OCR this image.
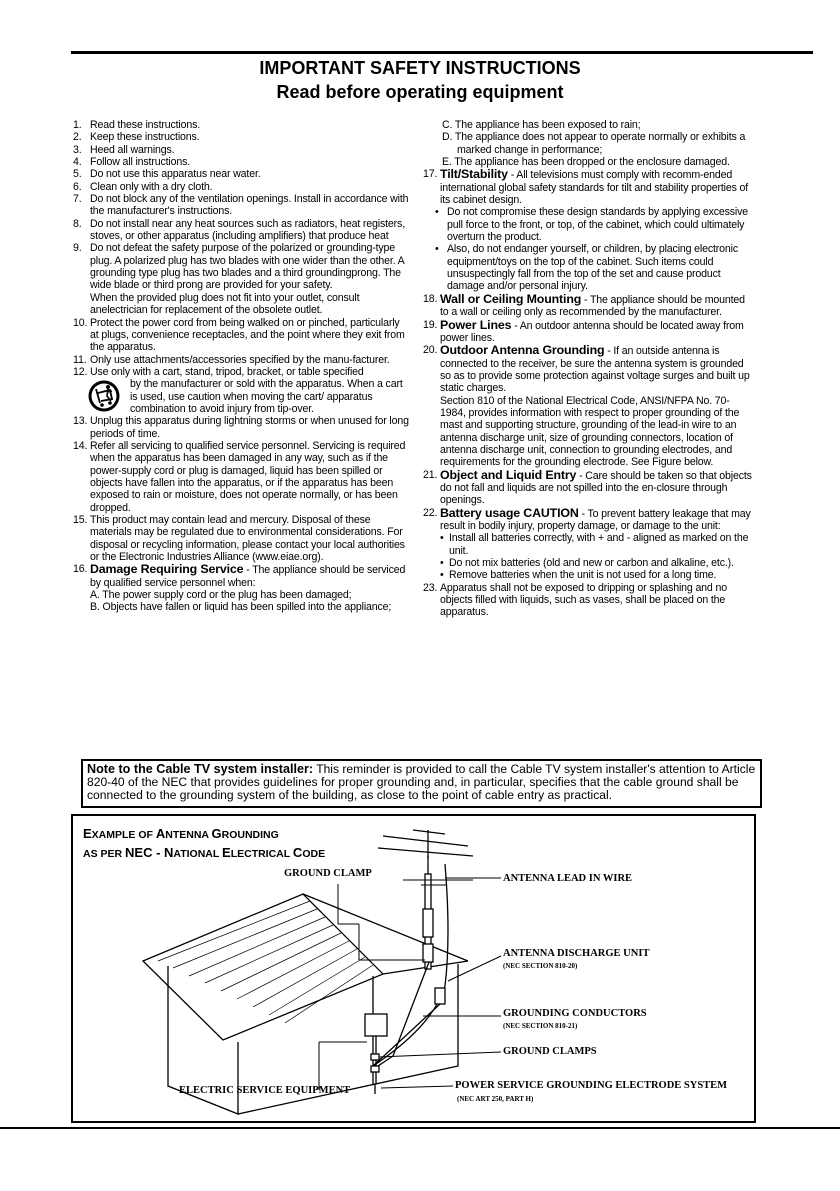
IMPORTANT SAFETY INSTRUCTIONS
Read before operating equipment
1. Read these instructions.
2. Keep these instructions.
3. Heed all warnings.
4. Follow all instructions.
5. Do not use this apparatus near water.
6. Clean only with a dry cloth.
7. Do not block any of the ventilation openings. Install in accordance with the manufacturer's instructions.
8. Do not install near any heat sources such as radiators, heat registers, stoves, or other apparatus (including amplifiers) that produce heat
9. Do not defeat the safety purpose of the polarized or grounding-type plug. A polarized plug has two blades with one wider than the other. A grounding type plug has two blades and a third groundingprong. The wide blade or third prong are provided for your safety.
When the provided plug does not fit into your outlet, consult anelectrician for replacement of the obsolete outlet.
10. Protect the power cord from being walked on or pinched, particularly at plugs, convenience receptacles, and the point where they exit from the apparatus.
11. Only use attachments/accessories specified by the manu-facturer.
12. Use only with a cart, stand, tripod, bracket, or table specified
by the manufacturer or sold with the apparatus. When a cart is used, use caution when moving the cart/ apparatus combination to avoid injury from tip-over.
13. Unplug this apparatus during lightning storms or when unused for long periods of time.
14. Refer all servicing to qualified service personnel. Servicing is required when the apparatus has been damaged in any way, such as if the power-supply cord or plug is damaged, liquid has been spilled or objects have fallen into the apparatus, or if the apparatus has been exposed to rain or moisture, does not operate normally, or has been dropped.
15. This product may contain lead and mercury. Disposal of these materials may be regulated due to environmental considerations. For disposal or recycling information, please contact your local authorities or the Electronic Industries Alliance (www.eiae.org).
16. Damage Requiring Service - The appliance should be serviced by qualified service personnel when:
A. The power supply cord or the plug has been damaged;
B. Objects have fallen or liquid has been spilled into the appliance;
C. The appliance has been exposed to rain;
D. The appliance does not appear to operate normally or exhibits a marked change in performance;
E. The appliance has been dropped or the enclosure damaged.
17. Tilt/Stability - All televisions must comply with recomm-ended international global safety standards for tilt and stability properties of its cabinet design.
• Do not compromise these design standards by applying excessive pull force to the front, or top, of the cabinet, which could ultimately overturn the product.
• Also, do not endanger yourself, or children, by placing electronic equipment/toys on the top of the cabinet. Such items could unsuspectingly fall from the top of the set and cause product damage and/or personal injury.
18. Wall or Ceiling Mounting - The appliance should be mounted to a wall or ceiling only as recommended by the manufacturer.
19. Power Lines - An outdoor antenna should be located away from power lines.
20. Outdoor Antenna Grounding - If an outside antenna is connected to the receiver, be sure the antenna system is grounded so as to provide some protection against voltage surges and built up static charges.
Section 810 of the National Electrical Code, ANSI/NFPA No. 70-1984, provides information with respect to proper grounding of the mast and supporting structure, grounding of the lead-in wire to an antenna discharge unit, size of grounding connectors, location of antenna discharge unit, connection to grounding electrodes, and requirements for the grounding electrode. See Figure below.
21. Object and Liquid Entry - Care should be taken so that objects do not fall and liquids are not spilled into the en-closure through openings.
22. Battery usage CAUTION - To prevent battery leakage that may result in bodily injury, property damage, or damage to the unit:
• Install all batteries correctly, with + and - aligned as marked on the unit.
• Do not mix batteries (old and new or carbon and alkaline, etc.).
• Remove batteries when the unit is not used for a long time.
23. Apparatus shall not be exposed to dripping or splashing and no objects filled with liquids, such as vases, shall be placed on the apparatus.
Note to the Cable TV system installer: This reminder is provided to call the Cable TV system installer's attention to Article 820-40 of the NEC that provides guidelines for proper grounding and, in particular, specifies that the cable ground shall be connected to the grounding system of the building, as close to the point of cable entry as practical.
EXAMPLE OF ANTENNA GROUNDING
AS PER NEC - NATIONAL ELECTRICAL CODE
GROUND CLAMP	ANTENNA LEAD IN WIRE
ANTENNA DISCHARGE UNIT
(NEC SECTION 810-20)
GROUNDING CONDUCTORS
(NEC SECTION 810-21)
GROUND CLAMPS
ELECTRIC SERVICE EQUIPMENT	POWER SERVICE GROUNDING ELECTRODE SYSTEM
(NEC ART 250, PART H)
